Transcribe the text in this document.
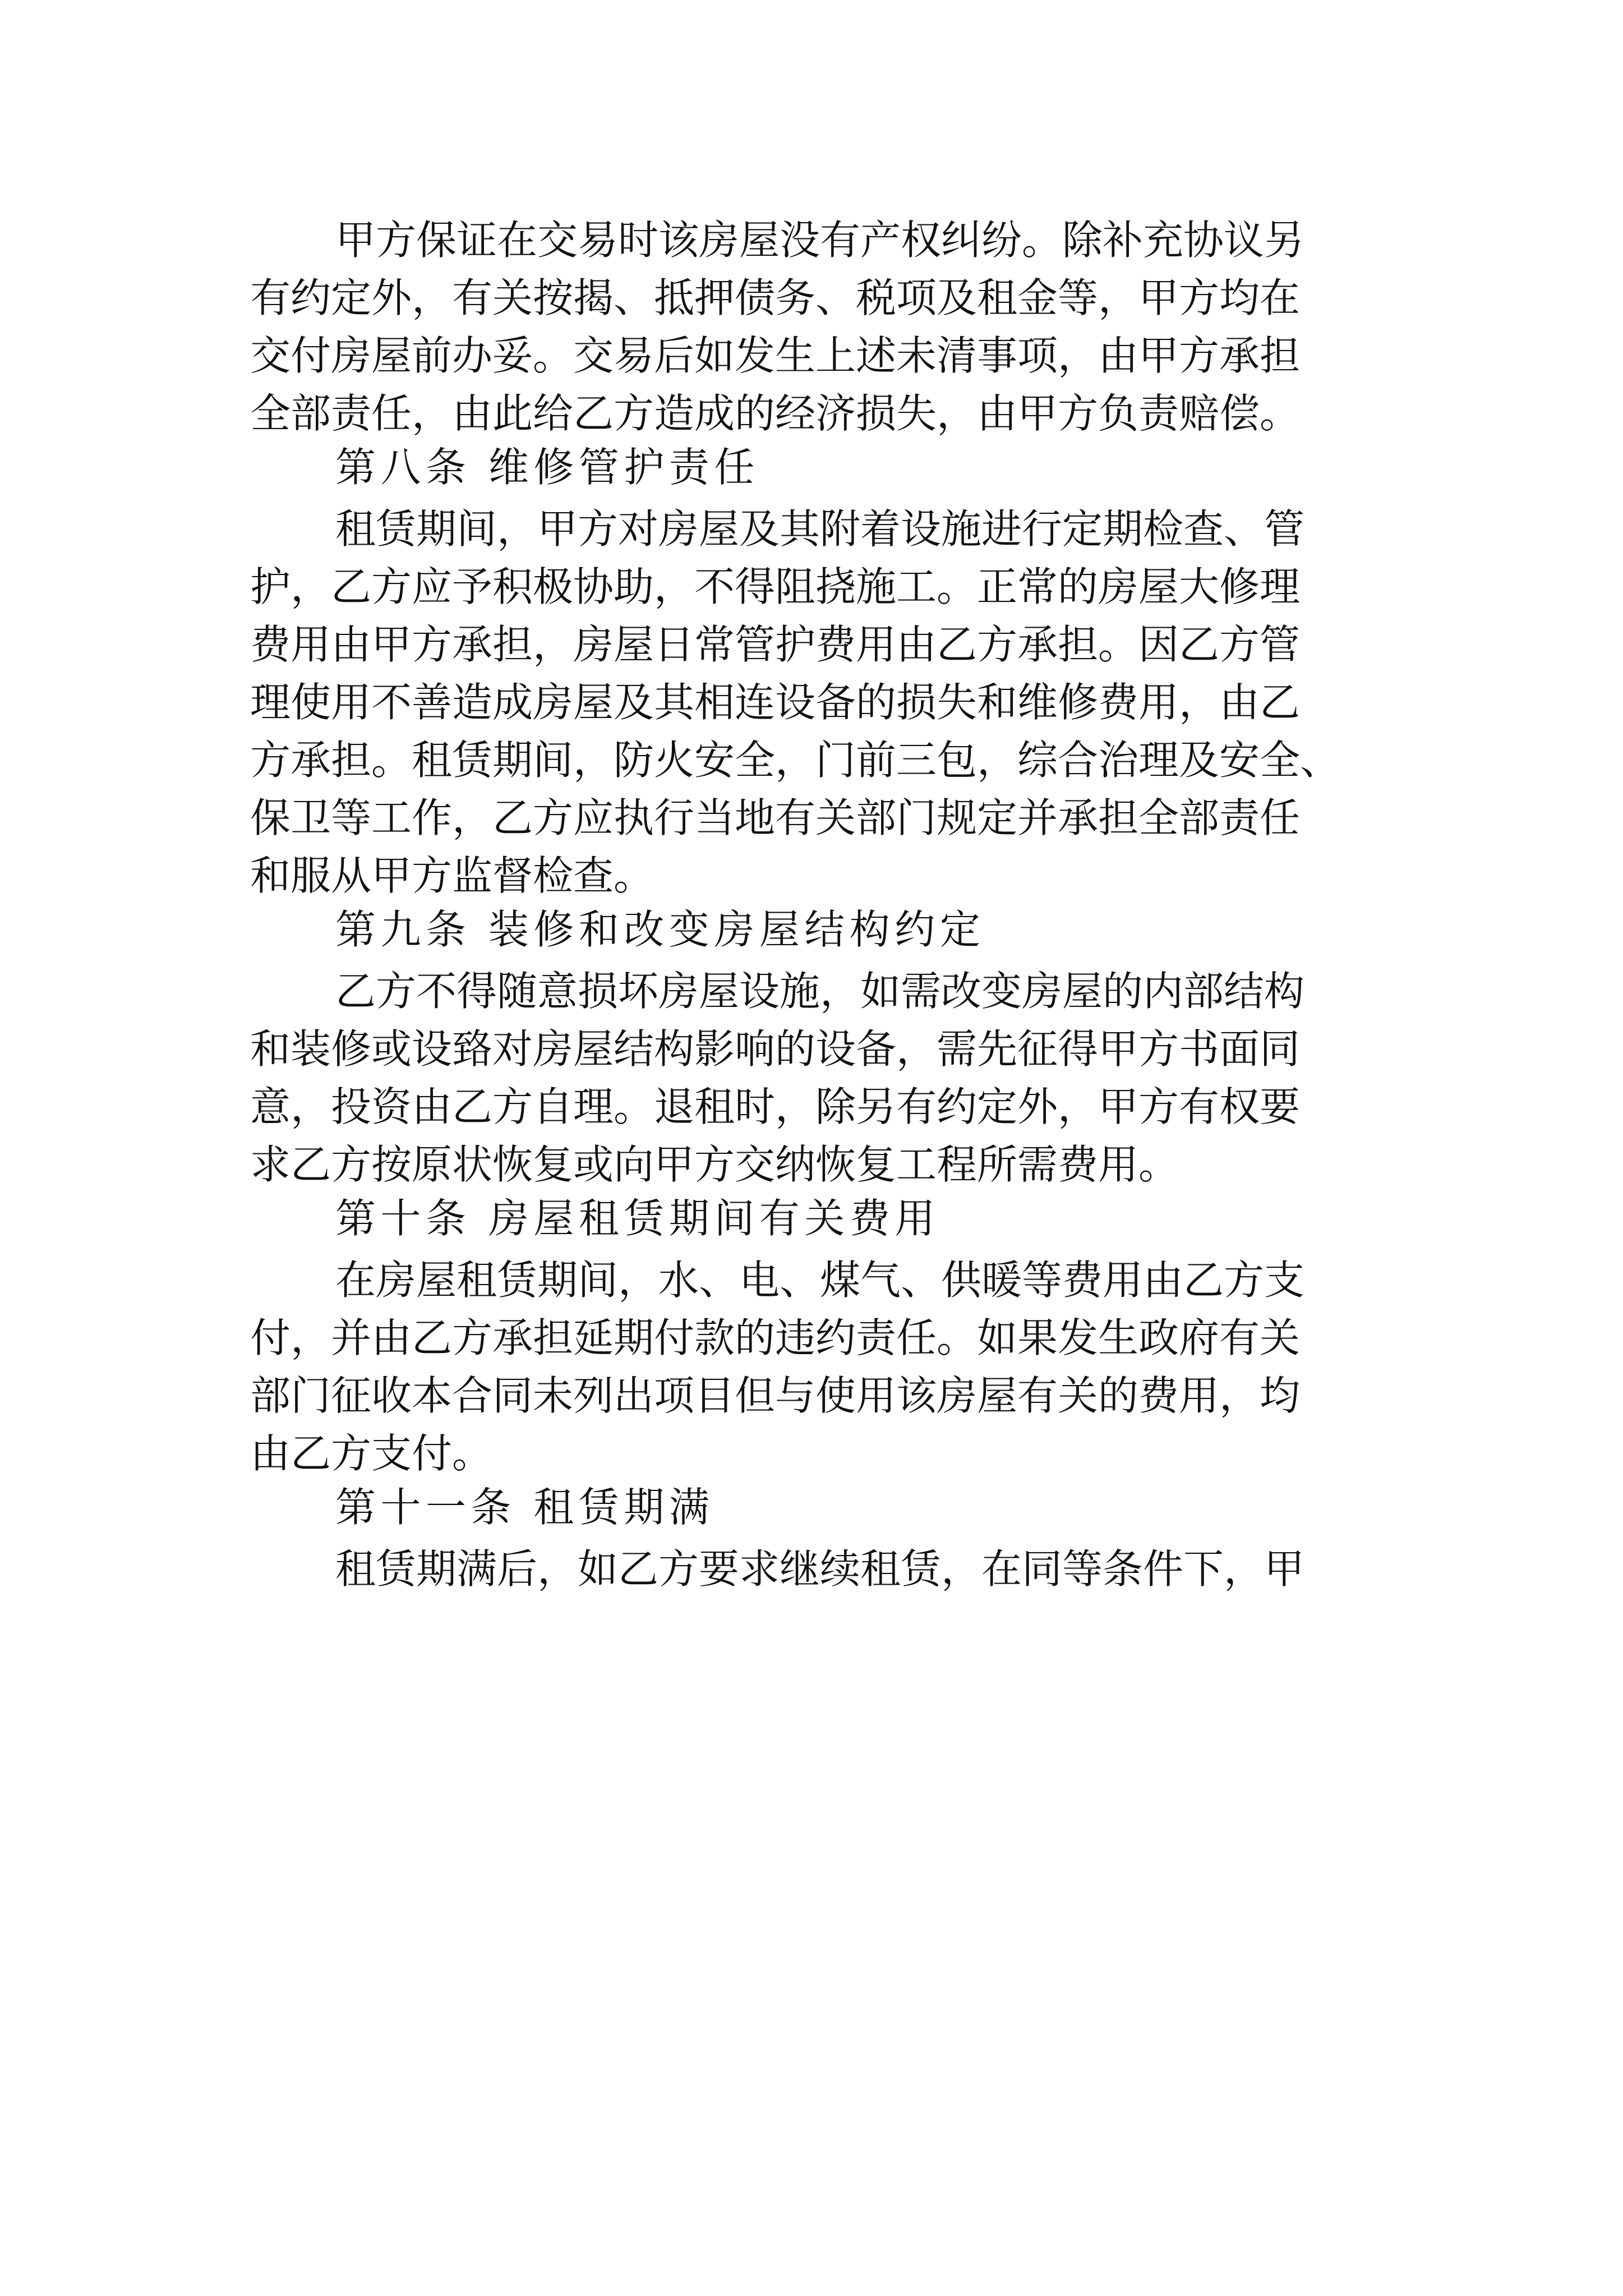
甲方保证在交易时该房屋没有产权纠纷。除补充协议另
有约定外，有关按揭、抵押债务、税项及租金等，甲方均在
交付房屋前办妥。交易后如发生上述未清事项，由甲方承担
全部责任，由此给乙方造成的经济损失，由甲方负责赔偿。
第八条 维修管护责任
租赁期间，甲方对房屋及其附着设施进行定期检查、管
护，乙方应予积极协助，不得阻挠施工。正常的房屋大修理
费用由甲方承担，房屋日常管护费用由乙方承担。因乙方管
理使用不善造成房屋及其相连设备的损失和维修费用，由乙
方承担。租赁期间，防火安全，门前三包，综合治理及安全、
保卫等工作，乙方应执行当地有关部门规定并承担全部责任
和服从甲方监督检查。
第九条 装修和改变房屋结构约定
乙方不得随意损坏房屋设施，如需改变房屋的内部结构
和装修或设臵对房屋结构影响的设备，需先征得甲方书面同
意，投资由乙方自理。退租时，除另有约定外，甲方有权要
求乙方按原状恢复或向甲方交纳恢复工程所需费用。
第十条 房屋租赁期间有关费用
在房屋租赁期间，水、电、煤气、供暖等费用由乙方支
付，并由乙方承担延期付款的违约责任。如果发生政府有关
部门征收本合同未列出项目但与使用该房屋有关的费用，均
由乙方支付。
第十一条 租赁期满
租赁期满后，如乙方要求继续租赁，在同等条件下，甲
